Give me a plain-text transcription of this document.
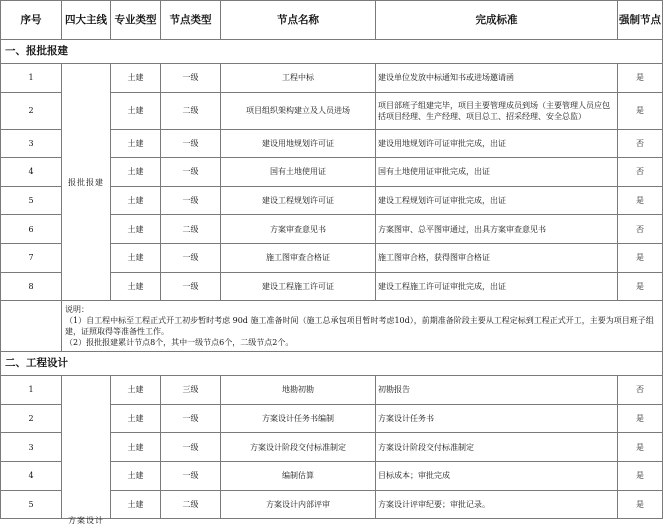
序号	四大主线	专业类型	节点类型	节点名称	完成标准	强制节点
一、报批报建						
1	报批报建	土建	一级	工程中标	建设单位发放中标通知书或进场邀请函	是
2		土建	二级	项目组织架构建立及人员进场	项目部班子组建完毕，项目主要管理成员到场（主要管理人员应包括项目经理、生产经理、项目总工、招采经理、安全总监）	是
3		土建	一级	建设用地规划许可证	建设用地规划许可证审批完成，出证	否
4		土建	一级	国有土地使用证	国有土地使用证审批完成，出证	否
5		土建	一级	建设工程规划许可证	建设工程规划许可证审批完成，出证	是
6		土建	二级	方案审查意见书	方案图审、总平图审通过，出具方案审查意见书	否
7		土建	一级	施工图审查合格证	施工图审合格，获得图审合格证	是
8		土建	一级	建设工程施工许可证	建设工程施工许可证审批完成，出证	是

	说明：
（1）自工程中标至工程正式开工初步暂时考虑 90d 施工准备时间（施工总承包项目暂时考虑10d），前期准备阶段主要从工程定标到工程正式开工，主要为项目班子组建，证照取得等准备性工作。
（2）报批报建累计节点8个，其中一级节点6个，二级节点2个。					

二、工程设计						
1	方案设计	土建	三级	地勘初勘	初勘报告	否
2		土建	一级	方案设计任务书编制	方案设计任务书	是
3		土建	一级	方案设计阶段交付标准制定	方案设计阶段交付标准制定	是
4		土建	一级	编制估算	目标成本；审批完成	是
5		土建	二级	方案设计内部评审	方案设计评审纪要；审批记录。	是
